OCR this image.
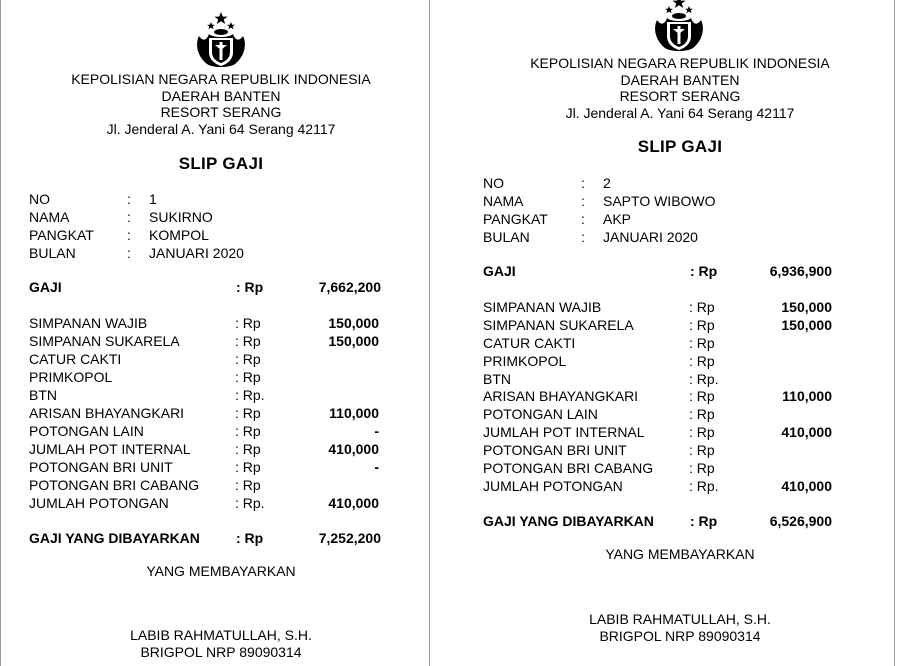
KEPOLISIAN NEGARA REPUBLIK INDONESIA
DAERAH BANTEN
RESORT SERANG
Jl. Jenderal A. Yani 64 Serang 42117
SLIP GAJI
NO	: 1
NAMA	: SUKIRNO
PANGKAT : KOMPOL
BULAN	: JANUARI 2020
GAJI	: Rp	7,662,200
SIMPANAN WAJIB	: Rp	150,000
SIMPANAN SUKARELA	: Rp	150,000
CATUR CAKTI	: Rp
PRIMKOPOL	: Rp
BTN	: Rp.
ARISAN BHAYANGKARI	: Rp	110,000
POTONGAN LAIN	: Rp	-
JUMLAH POT INTERNAL	: Rp	410,000
POTONGAN BRI UNIT	: Rp	-
POTONGAN BRI CABANG	: Rp
JUMLAH POTONGAN	: Rp.	410,000
GAJI YANG DIBAYARKAN	: Rp	7,252,200
YANG MEMBAYARKAN
LABIB RAHMATULLAH, S.H.
BRIGPOL NRP 89090314
KEPOLISIAN NEGARA REPUBLIK INDONESIA
DAERAH BANTEN
RESORT SERANG
Jl. Jenderal A. Yani 64 Serang 42117
SLIP GAJI
NO	: 2
NAMA	: SAPTO WIBOWO
PANGKAT : AKP
BULAN	: JANUARI 2020
GAJI	: Rp	6,936,900
SIMPANAN WAJIB	: Rp	150,000
SIMPANAN SUKARELA	: Rp	150,000
CATUR CAKTI	: Rp
PRIMKOPOL	: Rp
BTN	: Rp.
ARISAN BHAYANGKARI	: Rp	110,000
POTONGAN LAIN	: Rp
JUMLAH POT INTERNAL	: Rp	410,000
POTONGAN BRI UNIT	: Rp
POTONGAN BRI CABANG	: Rp
JUMLAH POTONGAN	: Rp.	410,000
GAJI YANG DIBAYARKAN	: Rp	6,526,900
YANG MEMBAYARKAN
LABIB RAHMATULLAH, S.H.
BRIGPOL NRP 89090314
